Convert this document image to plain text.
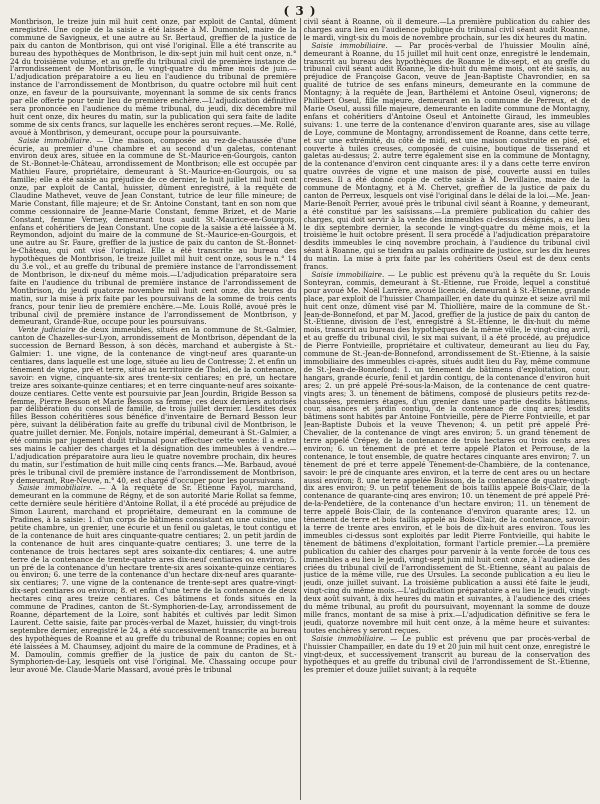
( 3 )

Montbrison, le treize juin mil huit cent onze, par exploit de Cantal, dûment enregistré. Une copie de la saisie a été laissée à M. Dumontel, maire de la commune de Savigneux, et une autre au Sr. Bertaud, greffier de la justice de paix du canton de Montbrison, qui ont visé l'original. Elle a été transcrite au bureau des hypothèques de Montbrison, le dix-sept juin mil huit cent onze, n.° 24 du troisième volume, et au greffe du tribunal civil de première instance de l'arrondissement de Montbrison, le vingt-quatre du même mois de juin.—L'adjudication préparatoire a eu lieu en l'audience du tribunal de première instance de l'arrondissement de Montbrison, du quatre octobre mil huit cent onze, en faveur de la poursuivante, moyennant la somme de six cents francs par elle offerte pour tenir lieu de première enchère.—L'adjudication définitive sera prononcée en l'audience du même tribunal, du jeudi, dix décembre mil huit cent onze, dix heures du matin, sur la publication qui sera faite de ladite somme de six cents francs, sur laquelle les enchères seront reçues.—Me. Rollé, avoué à Montbrison, y demeurant, occupe pour la poursuivante.

Saisie immobiliaire. — Une maison, composée au rez-de-chaussée d'une écurie, au premier d'une chambre et au second d'un galetas, contenant environ deux ares, située en la commune de St.-Maurice-en-Gourgois, canton de St.-Bonnet-le-Château, arrondissement de Montbrison; elle est occupée par Mathieu Faure, propriétaire, demeurant à St.-Maurice-en-Gourgois, ou sa famille; elle a été saisie au préjudice de ce dernier, le huit juillet mil huit cent onze, par exploit de Cantal, huissier, dûment enregistré, à la requête de Claudine Mathevet, veuve de Jean Constant, tutrice de leur fille mineure; de Marie Constant, fille majeure; et de Sr. Antoine Constant, tant en son nom que comme cessionnaire de Jeanne-Marie Constant, femme Brizet, et de Marie Constant, femme Verney, demeurant tous audit St.-Maurice-en-Gourgois, enfans et cohéritiers de Jean Constant. Une copie de la saisie a été laissée à M. Reymondon, adjoint du maire de la commune de St.-Maurice-en-Gourgois, et une autre au Sr. Faure, greffier de la justice de paix du canton de St.-Bonnet-le-Château, qui ont visé l'original. Elle a été transcrite au bureau des hypothèques de Montbrison, le treize juillet mil huit cent onze, sous le n.° 14 du 3.e vol., et au greffe du tribunal de première instance de l'arrondissement de Montbrison, le dix-neuf du même mois.—L'adjudication préparatoire sera faite en l'audience du tribunal de première instance de l'arrondissement de Montbrison, du jeudi quatorze novembre mil huit cent onze, dix heures du matin, sur la mise à prix faite par les poursuivans de la somme de trois cents francs, pour tenir lieu de première enchère.—Me. Louis Rollé, avoué près le tribunal civil de première instance de l'arrondissement de Montbrison, y demeurant, Grande-Rue, occupe pour les poursuivans.

Vente judiciaire de deux immeubles, situés en la commune de St.-Galmier, canton de Chazelles-sur-Lyon, arrondissement de Montbrison, dépendant de la succession de Bernard Besson, à son décès, marchand et aubergiste à St.-Galmier: 1. une vigne, de la contenance de vingt-neuf ares quarante-un centiares, dans laquelle est une loge, située au lieu de Contresse; 2. et enfin un tènement de vigne, pré et terre, situé au territoire de Tholei, de la contenance, savoir: en vigne, cinquante-six ares trente-six centiares; en pré, un hectare treize ares soixante-quinze centiares; et en terre cinquante-neuf ares soixante-douze centiares. Cette vente est poursuivie par Jean Jourdin, Brigide Besson sa femme, Pierre Besson et Marie Besson sa femme; ces deux derniers autorisés par délibération du conseil de famille, de trois juillet dernier. Lesdites deux filles Besson cohéritières sous bénéfice d'inventaire de Bernard Besson leur père, suivant la délibération faite au greffe du tribunal civil de Montbrison, le quatre juillet dernier. Me. Fonjols, notaire impérial, demeurant à St.-Galmier, a été commis par jugement dudit tribunal pour effectuer cette vente: il a entre ses mains le cahier des charges et la désignation des immeubles à vendre.—L'adjudication préparatoire aura lieu le quatre novembre prochain, dix heures du matin, sur l'estimation de huit mille cinq cents francs.—Me. Barbaud, avoué près le tribunal civil de première instance de l'arrondissement de Montbrison, y demeurant, Rue-Neuve, n.° 40, est chargé d'occuper pour les poursuivans.

Saisie immobiliaire. — A la requête de Sr. Etienne Fayol, marchand, demeurant en la commune de Régny, et de son autorité Marie Rollat sa femme, cette dernière seule héritière d'Antoine Rollat, il a été procédé au préjudice de Simon Laurent, marchand et propriétaire, demeurant en la commune de Pradines, à la saisie: 1. d'un corps de bâtimens consistant en une cuisine, une petite chambre, un grenier, une écurie et un fenil ou galetas, le tout contigu et de la contenance de huit ares cinquante-quatre centiares; 2. un petit jardin de la contenance de huit ares cinquante-quatre centiares; 3. une terre de la contenance de trois hectares sept ares soixante-dix centiares; 4. une autre terre de la contenance de trente-quatre ares dix-neuf centiares ou environ; 5. un pré de la contenance d'un hectare trente-six ares soixante-quinze centiares ou environ; 6. une terre de la contenance d'un hectare dix-neuf ares quarante-six centiares; 7. une vigne de la contenance de trente-sept ares quatre-vingt-dix-sept centiares ou environ; 8. et enfin d'une terre de la contenance de deux hectares cinq ares treize centiares. Ces bâtimens et fonds situés en la commune de Pradines, canton de St.-Symphorien-de-Lay, arrondissement de Roanne, département de la Loire, sont habités et cultivés par ledit Simon Laurent. Cette saisie, faite par procès-verbal de Mazet, huissier, du vingt-trois septembre dernier, enregistré le 24, a été successivement transcrite au bureau des hypothèques de Roanne et au greffe du tribunal de Roanne; copies en ont été laissées à M. Chaumsey, adjoint du maire de la commune de Pradines, et à M. Damoulin, commis greffier de la justice de paix du canton de St.-Symphorien-de-Lay, lesquels ont visé l'original. Me. Chassaing occupe pour leur avoué Me. Claude-Marie Massard, avoué près le tribunal

civil séant à Roanne, où il demeure.—La première publication du cahier des charges aura lieu en l'audience publique du tribunal civil séant audit Roanne, le mardi, vingt-six du mois de novembre prochain, sur les dix heures du matin.

Saisie immobiliaire. — Par procès-verbal de l'huissier Moulin aîné, demeurant à Roanne, du 15 juillet mil huit cent onze, enregistré le lendemain, transcrit au bureau des hypothèques de Roanne le dix-sept, et au greffe du tribunal civil séant audit Roanne, le dix-huit du même mois, ont été saisis, au préjudice de Françoise Gacon, veuve de Jean-Baptiste Chavrondier, en sa qualité de tutrice de ses enfans mineurs, demeurante en la commune de Montagny; à la requête de Jean, Barthélemi et Antoine Oseul, vignerons; de Philibert Oseul, fille majeure, demeurant en la commune de Perreux, et de Marie Oseul, aussi fille majeure, demeurante en ladite commune de Montagny, enfans et cohéritiers d'Antoine Oseul et Antoinette Giraud, les immeubles suivans: 1. une terre de la contenance d'environ quarante ares, sise au village de Loye, commune de Montagny, arrondissement de Roanne, dans cette terre, et sur une extrémité, du côté de midi, est une maison construite en pisé, et couverte à tuiles creuses, composée de cuisine, boutique de tisserand et galetas au-dessus; 2. autre terre également sise en la commune de Montagny, de la contenance d'environ cent cinquante ares: il y a dans cette terre environ quatre ouvrées de vigne et une maison de pisé, couverte aussi en tuiles creuses. Il a été donné copie de cette saisie à M. Devillaine, maire de la commune de Montagny, et à M. Chervet, greffier de la justice de paix du canton de Perreux, lesquels ont visé l'original dans le délai de la loi.—Me. Jean-Marie-Benoît Perrier, avoué près le tribunal civil séant à Roanne, y demeurant, a été constitué par les saisissans.—La première publication du cahier des charges, qui doit servir à la vente des immeubles ci-dessus désignés, a eu lieu le dix septembre dernier, la seconde le vingt-quatre du même mois, et la troisième le huit octobre présent. Il sera procédé à l'adjudication préparatoire desdits immeubles le cinq novembre prochain, à l'audience du tribunal civil séant à Roanne, qui se tiendra au palais ordinaire de justice, sur les dix heures du matin. La mise à prix faite par les cohéritiers Oseul est de deux cents francs.

Saisie immobiliaire. — Le public est prévenu qu'à la requête du Sr. Louis Sonteyran, commis, demeurant à St.-Etienne, rue Froide, lequel a constitué pour avoué Me. Noël Larrère, avoué licencié, demeurant à St.-Etienne, grande place, par exploit de l'huissier Champailler, en date du quinze et seize avril mil huit cent onze, dûment visé par M. Thiollière, maire de la commune de St.-Jean-de-Bonnefond, et par M. Jacod, greffier de la justice de paix du canton de St.-Etienne, division de l'est, enregistré à St.-Etienne, le dix-huit du même mois, transcrit au bureau des hypothèques de la même ville, le vingt-cinq avril, et au greffe du tribunal civil, le six mai suivant, il a été procédé, au préjudice de Pierre Fontvieille, propriétaire et cultivateur, demeurant au lieu du Fay, commune de St.-Jean-de-Bonnefond, arrondissement de St.-Etienne, à la saisie immobiliaire des immeubles ci-après, situés audit lieu du Fay, même commune de St.-Jean-de-Bonnefond: 1. un tènement de bâtimens d'exploitation, cour, hangars, grande écurie, fenil et jardin contigu, de la contenance d'environ huit ares; 2. un pré appelé Pré-sous-la-Maison, de la contenance de cent quatre-vingts ares; 3. un tènement de bâtimens, composé de plusieurs petits rez-de-chaussées, premiers étages, d'un grenier dans une partie desdits bâtimens, cour, aisances et jardin contigu, de la contenance de cinq ares; lesdits bâtimens sont habités par Antoine Fontvieille, père de Pierre Fontvieille, et par Jean-Baptiste Dubois et la veuve Thevenon; 4. un petit pré appelé Pré-Chevalier, de la contenance de vingt ares environ; 5. un grand tènement de terre appelé Crépey, de la contenance de trois hectares ou trois cents ares environ; 6. un tènement de pré et terre appelé Platon et Perrouse, de la contenance, le tout ensemble, de quatre hectares cinquante ares environ; 7. un tènement de pré et terre appelé Tènement-de-Chambière, de la contenance, savoir: le pré de cinquante ares environ, et la terre de cent ares ou un hectare aussi environ; 8. une terre appelée Buisson, de la contenance de quatre-vingt-dix ares environ; 9. un petit tènement de bois taillis appelé Bois-Clair, de la contenance de quarante-cinq ares environ; 10. un tènement de pré appelé Pré-de-la-Pendetière, de la contenance d'un hectare environ; 11. un tènement de terre appelé Bois-Clair, de la contenance d'environ quarante ares; 12. un tènement de terre et bois taillis appelé au Bois-Clair, de la contenance, savoir: la terre de trente ares environ, et le bois de dix-huit ares environ. Tous les immeubles ci-dessus sont exploités par ledit Pierre Fontvieille, qui habite le tènement de bâtimens d'exploitation, formant l'article premier.—La première publication du cahier des charges pour parvenir à la vente forcée de tous ces immeubles a eu lieu le jeudi, vingt-sept juin mil huit cent onze, à l'audience des criées du tribunal civil de l'arrondissement de St.-Etienne, séant au palais de justice de la même ville, rue des Ursules. La seconde publication a eu lieu le jeudi, onze juillet suivant. La troisième publication a aussi été faite le jeudi, vingt-cinq du même mois.—L'adjudication préparatoire a eu lieu le jeudi, vingt-deux août suivant, à dix heures du matin et suivantes, à l'audience des criées du même tribunal, au profit du poursuivant, moyennant la somme de douze mille francs, montant de sa mise à prix.—L'adjudication définitive se fera le jeudi, quatorze novembre mil huit cent onze, à la même heure et suivantes: toutes enchères y seront reçues.

Saisie immobiliaire. — Le public est prévenu que par procès-verbal de l'huissier Champailler, en date du 19 et 20 juin mil huit cent onze, enregistré le vingt-deux, et successivement transcrit au bureau de la conservation des hypothèques et au greffe du tribunal civil de l'arrondissement de St.-Etienne, les premier et douze juillet suivant; à la requête
